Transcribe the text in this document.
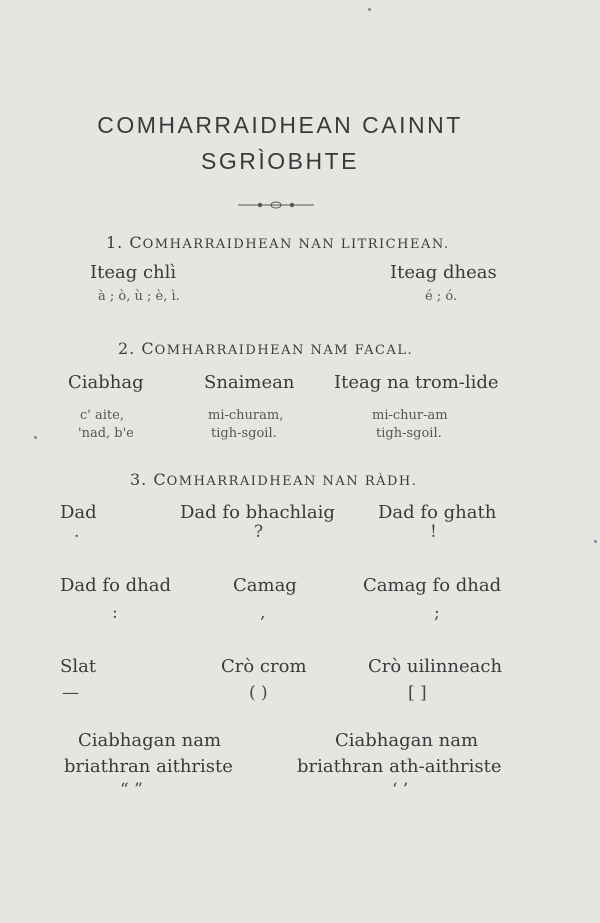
COMHARRAIDHEAN CAINNT
SGRÌOBHTE
1. COMHARRAIDHEAN NAN LITRICHEAN.
Iteag chlì
à ; ò, ù ; è, ì.
Iteag dheas
é ; ó.
2. COMHARRAIDHEAN NAM FACAL.
Ciabhag
c' aite,
'nad, b'e
Snaimean
mi-churam,
tigh-sgoil.
Iteag na trom-lide
mi-chur-am
tigh-sgoil.
3. COMHARRAIDHEAN NAN RÀDH.
Dad
.
Dad fo bhachlaig
?
Dad fo ghath
!
Dad fo dhad
:
Camag
,
Camag fo dhad
;
Slat
—
Crò crom
( )
Crò uilinneach
[ ]
Ciabhagan nam
briathran aithriste
“ ”
Ciabhagan nam
briathran ath-aithriste
‘ ’
